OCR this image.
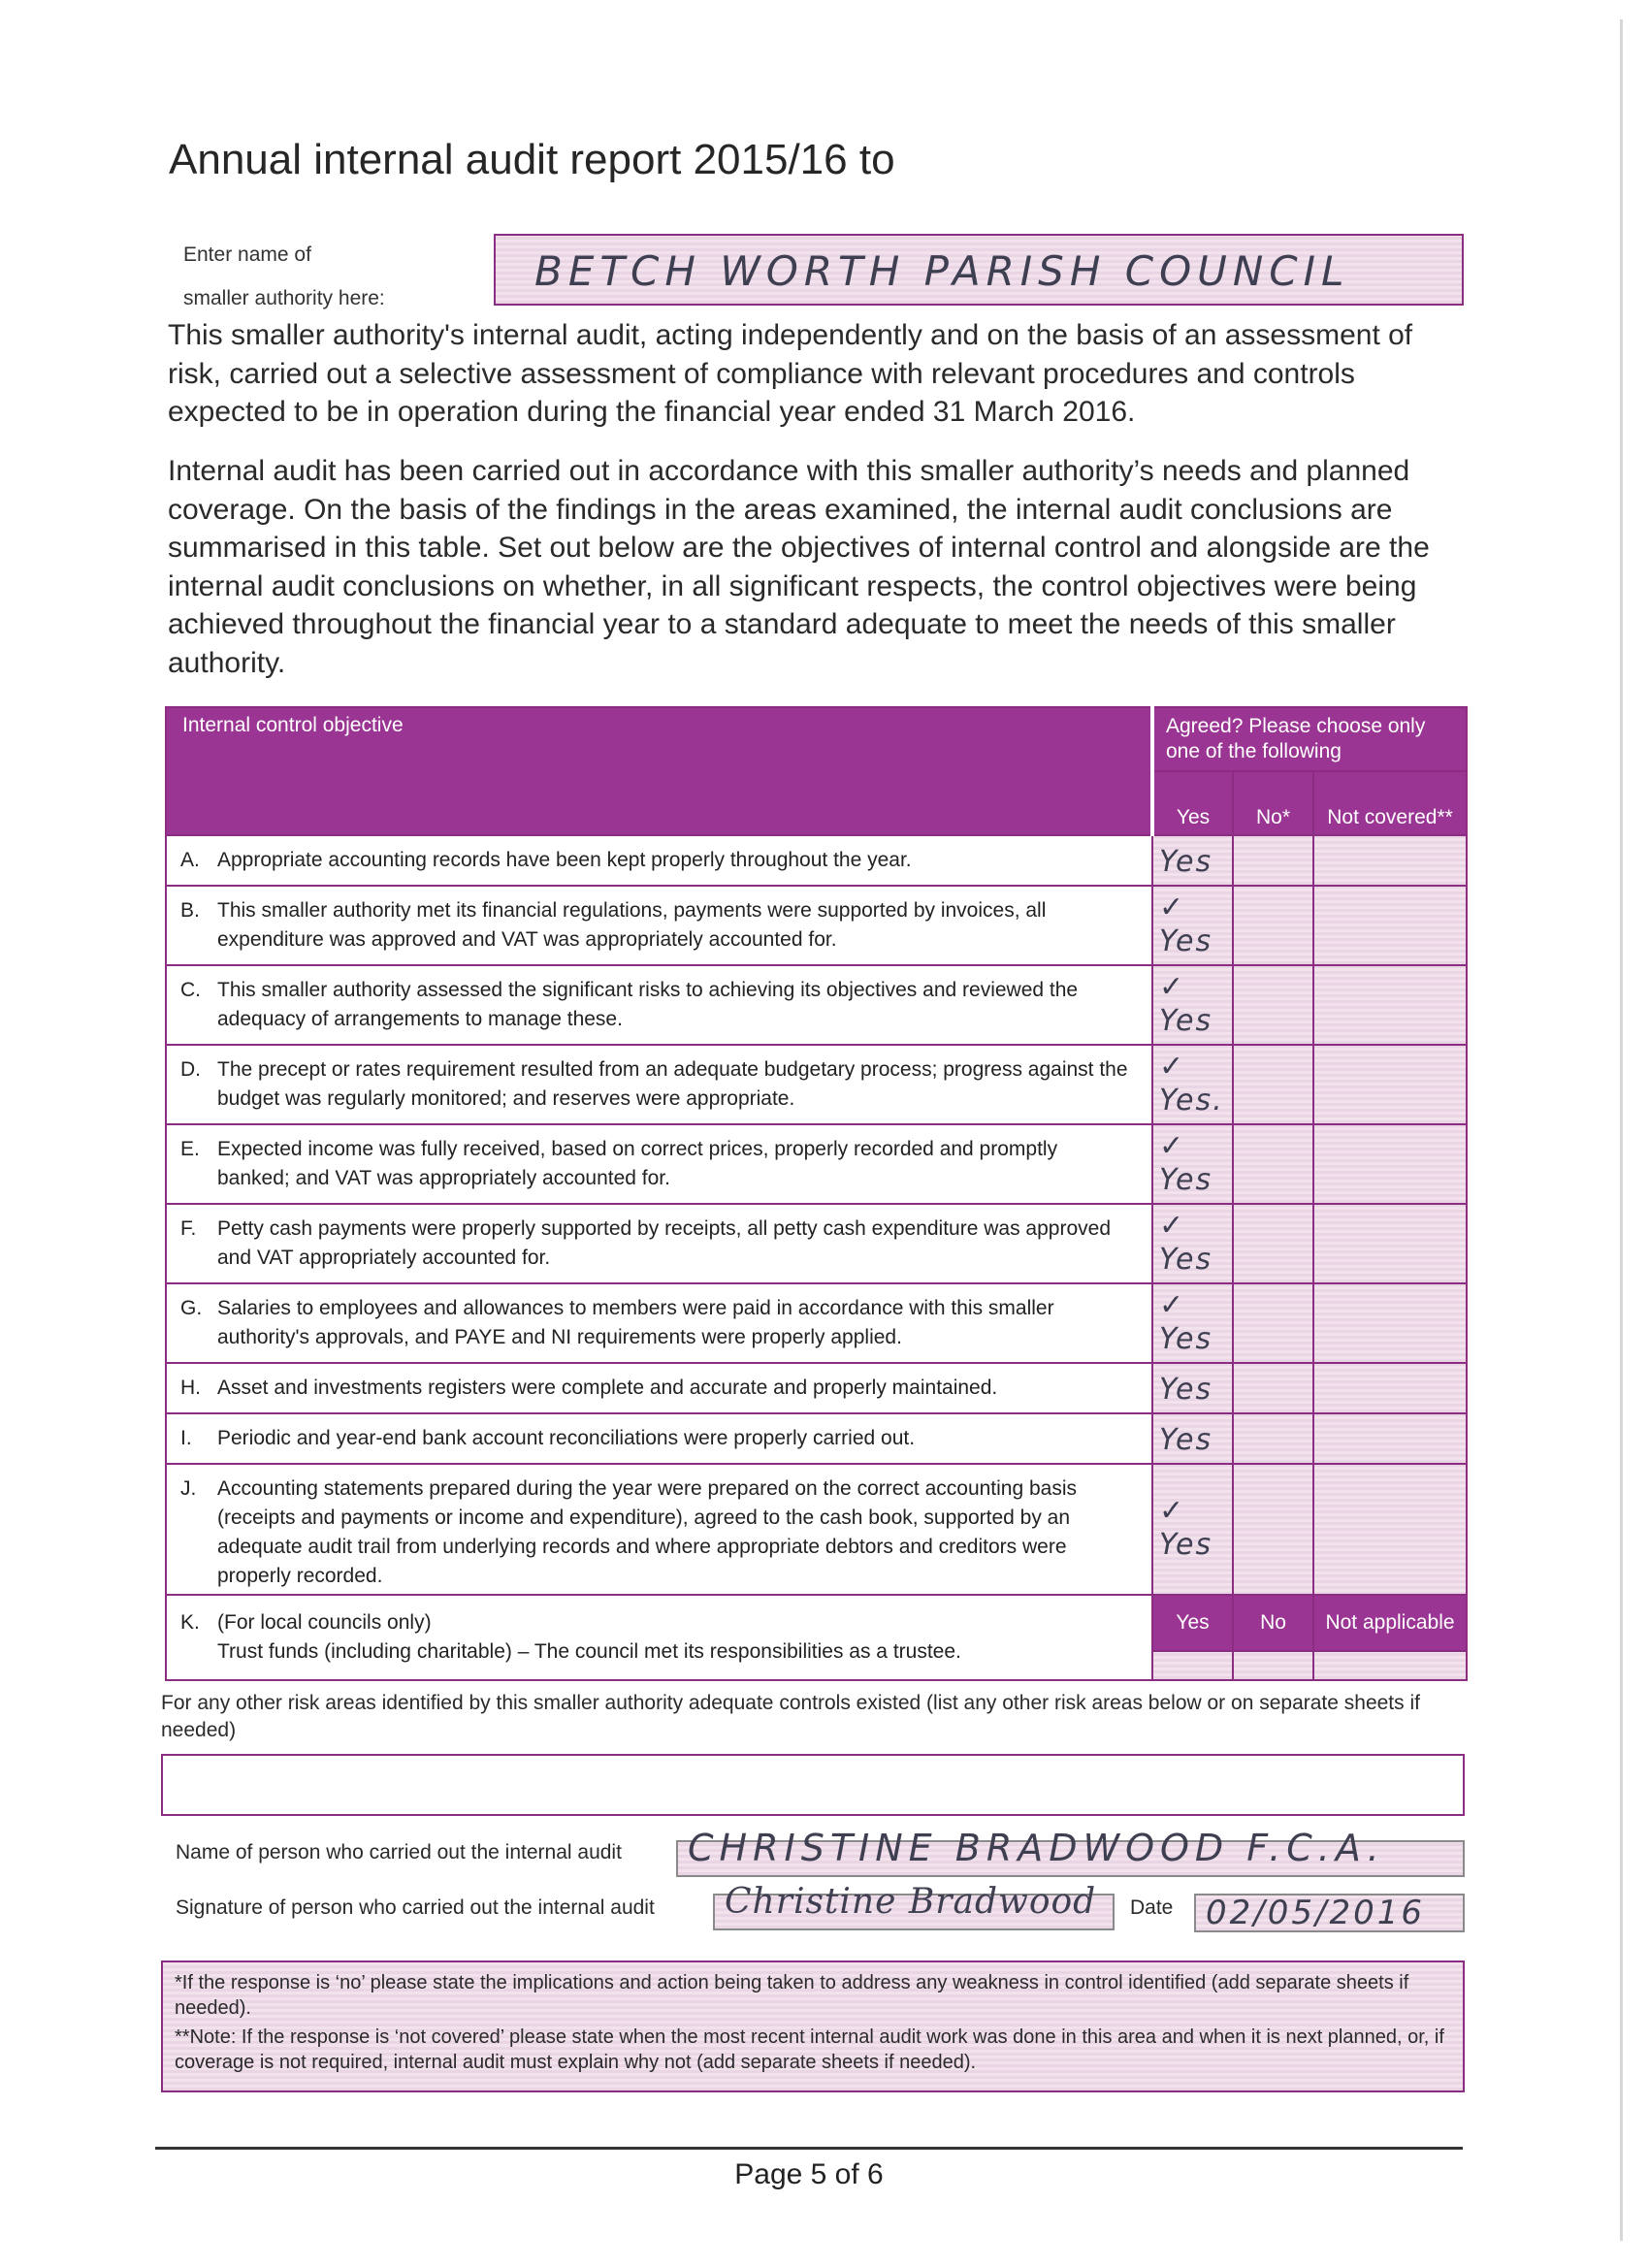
Annual internal audit report 2015/16 to
Enter name of
smaller authority here:
BETCH WORTH PARISH COUNCIL

This smaller authority's internal audit, acting independently and on the basis of an assessment of risk, carried out a selective assessment of compliance with relevant procedures and controls expected to be in operation during the financial year ended 31 March 2016.

Internal audit has been carried out in accordance with this smaller authority’s needs and planned coverage. On the basis of the findings in the areas examined, the internal audit conclusions are summarised in this table. Set out below are the objectives of internal control and alongside are the internal audit conclusions on whether, in all significant respects, the control objectives were being achieved throughout the financial year to a standard adequate to meet the needs of this smaller authority.

Internal control objective	Agreed? Please choose only one of the following		
	Yes	No*	Not covered**
A. Appropriate accounting records have been kept properly throughout the year.	Yes		

B. This smaller authority met its financial regulations, payments were supported by invoices, all expenditure was approved and VAT was appropriately accounted for.	✓ Yes		

C. This smaller authority assessed the significant risks to achieving its objectives and reviewed the adequacy of arrangements to manage these.	✓ Yes		

D. The precept or rates requirement resulted from an adequate budgetary process; progress against the budget was regularly monitored; and reserves were appropriate.	✓ Yes.		

E. Expected income was fully received, based on correct prices, properly recorded and promptly banked; and VAT was appropriately accounted for.	✓ Yes		

F. Petty cash payments were properly supported by receipts, all petty cash expenditure was approved and VAT appropriately accounted for.	✓ Yes		

G. Salaries to employees and allowances to members were paid in accordance with this smaller authority's approvals, and PAYE and NI requirements were properly applied.	✓ Yes		

H. Asset and investments registers were complete and accurate and properly maintained.	Yes		

I. Periodic and year-end bank account reconciliations were properly carried out.	Yes		

J. Accounting statements prepared during the year were prepared on the correct accounting basis (receipts and payments or income and expenditure), agreed to the cash book, supported by an adequate audit trail from underlying records and where appropriate debtors and creditors were properly recorded.	✓ Yes		

K. (For local councils only)
Trust funds (including charitable) – The council met its responsibilities as a trustee.	Yes	No	Not applicable

For any other risk areas identified by this smaller authority adequate controls existed (list any other risk areas below or on separate sheets if needed)
Name of person who carried out the internal audit CHRISTINE BRADWOOD F.C.A.
Signature of person who carried out the internal audit Christine Bradwood Date 02/05/2016

*If the response is ‘no’ please state the implications and action being taken to address any weakness in control identified (add separate sheets if needed).

**Note: If the response is ‘not covered’ please state when the most recent internal audit work was done in this area and when it is next planned, or, if coverage is not required, internal audit must explain why not (add separate sheets if needed).

Page 5 of 6
